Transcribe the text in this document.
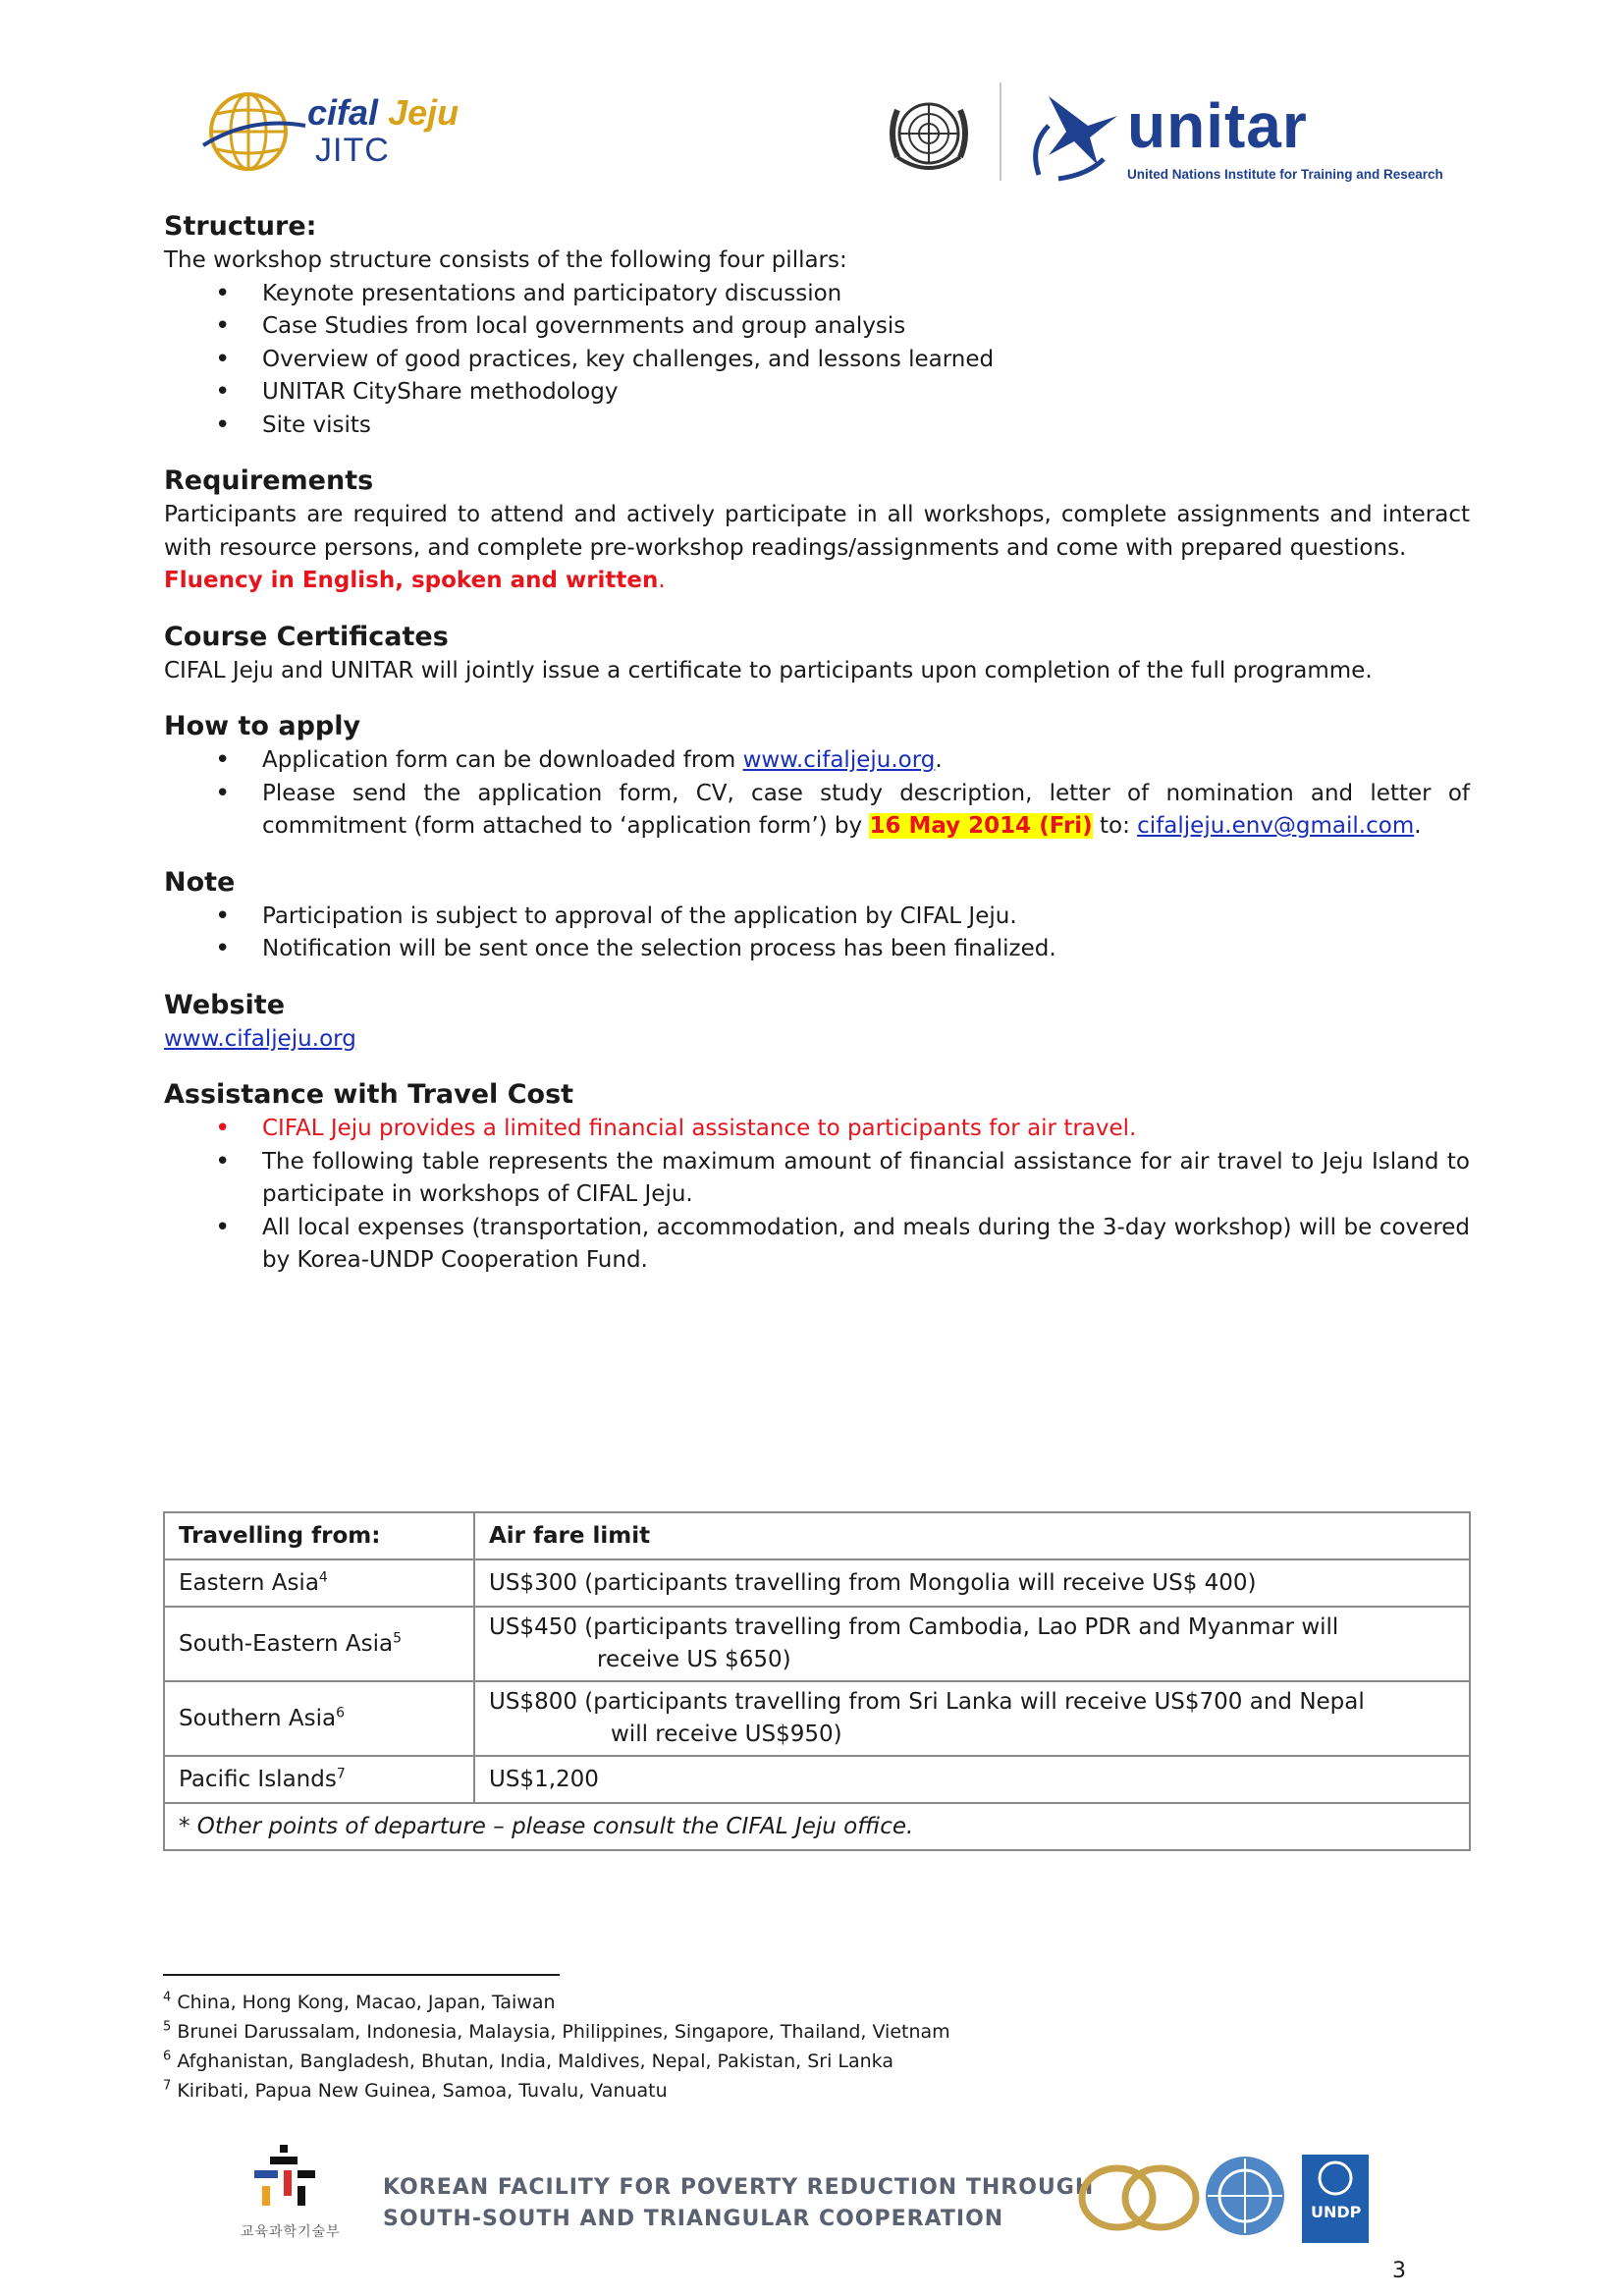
cifal Jeju
JITC	unitar
United Nations Institute for Training and Research
Structure:

The workshop structure consists of the following four pillars:

• Keynote presentations and participatory discussion
• Case Studies from local governments and group analysis
• Overview of good practices, key challenges, and lessons learned
• UNITAR CityShare methodology
• Site visits
Requirements

Participants are required to attend and actively participate in all workshops, complete assignments and interact with resource persons, and complete pre-workshop readings/assignments and come with prepared questions.

Fluency in English, spoken and written.

Course Certificates

CIFAL Jeju and UNITAR will jointly issue a certificate to participants upon completion of the full programme.

How to apply
• Application form can be downloaded from www.cifaljeju.org.
• Please send the application form, CV, case study description, letter of nomination and letter of commitment (form attached to ‘application form’) by 16 May 2014 (Fri) to: cifaljeju.env@gmail.com.
Note
• Participation is subject to approval of the application by CIFAL Jeju.
• Notification will be sent once the selection process has been finalized.
Website

www.cifaljeju.org

Assistance with Travel Cost
• CIFAL Jeju provides a limited financial assistance to participants for air travel.
• The following table represents the maximum amount of financial assistance for air travel to Jeju Island to participate in workshops of CIFAL Jeju.
• All local expenses (transportation, accommodation, and meals during the 3-day workshop) will be covered by Korea-UNDP Cooperation Fund.
Travelling from:	Air fare limit
Eastern Asia$^4$	US$300 (participants travelling from Mongolia will receive US$ 400)
South-Eastern Asia$^5$	US$450 (participants travelling from Cambodia, Lao PDR and Myanmar will
receive US $650)

Southern Asia$^6$	US$800 (participants travelling from Sri Lanka will receive US$700 and Nepal
will receive US$950)

Pacific Islands$^7$	US$1,200
* Other points of departure – please consult the CIFAL Jeju office.	
$^4$ China, Hong Kong, Macao, Japan, Taiwan
$^5$ Brunei Darussalam, Indonesia, Malaysia, Philippines, Singapore, Thailand, Vietnam
$^6$ Afghanistan, Bangladesh, Bhutan, India, Maldives, Nepal, Pakistan, Sri Lanka
$^7$ Kiribati, Papua New Guinea, Samoa, Tuvalu, Vanuatu
교육과학기술부
KOREAN FACILITY FOR POVERTY REDUCTION THROUGH
SOUTH-SOUTH AND TRIANGULAR COOPERATION	UNDP
3
